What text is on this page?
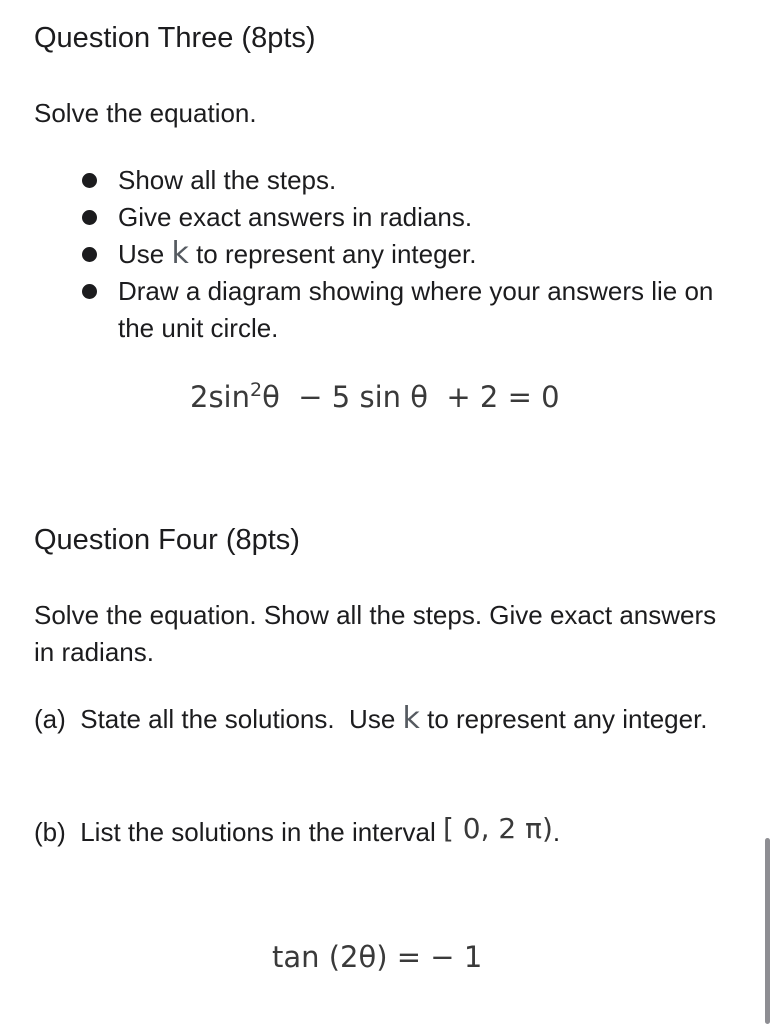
Question Three (8pts)

Solve the equation.

Show all the steps.
Give exact answers in radians.
Use k to represent any integer.
Draw a diagram showing where your answers lie on the unit circle.
$2\sin^2\theta - 5$ sin θ  + 2 = 0
Question Four (8pts)

Solve the equation. Show all the steps. Give exact answers in radians.

(a)  State all the solutions.  Use k to represent any integer.

(b)  List the solutions in the interval [ 0, 2 π).

tan (2θ) = − 1
